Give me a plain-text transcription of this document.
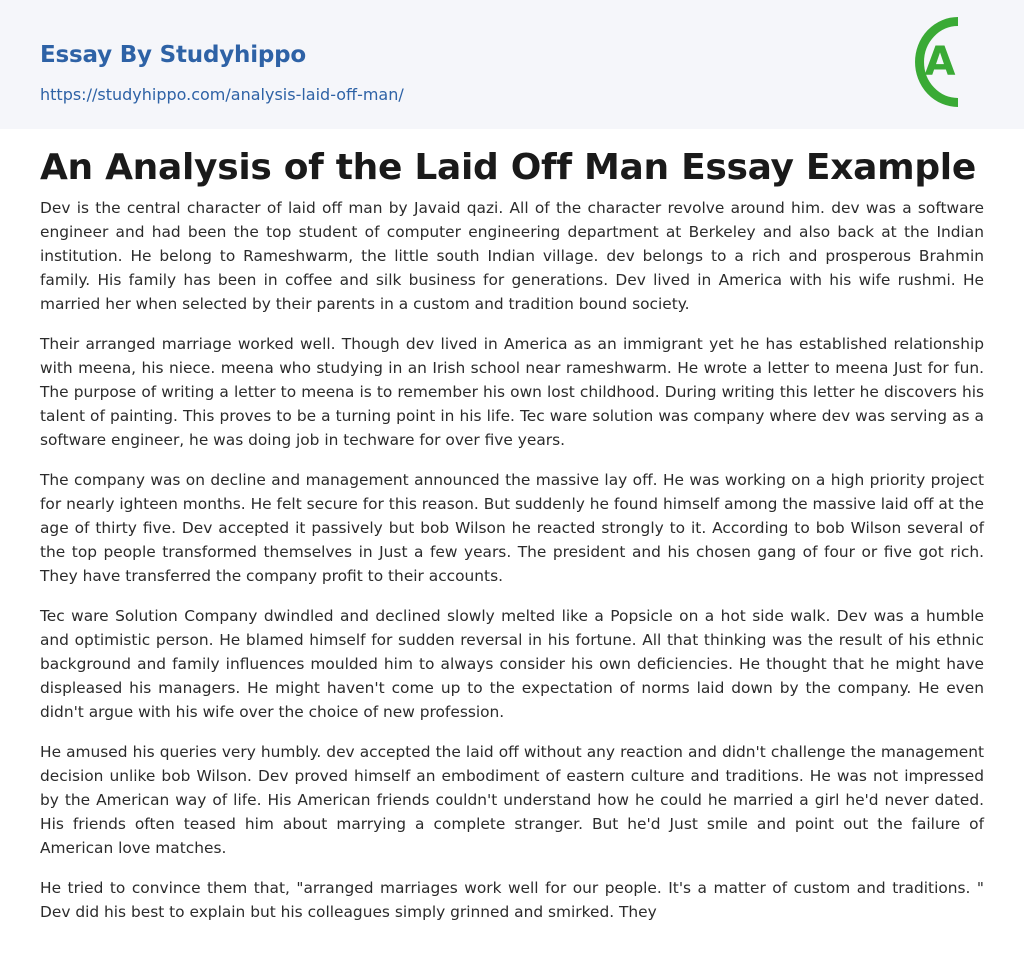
Essay By Studyhippo
https://studyhippo.com/analysis-laid-off-man/
A
An Analysis of the Laid Off Man Essay Example

Dev is the central character of laid off man by Javaid qazi. All of the character revolve around him. dev was a software engineer and had been the top student of computer engineering department at Berkeley and also back at the Indian institution. He belong to Rameshwarm, the little south Indian village. dev belongs to a rich and prosperous Brahmin family. His family has been in coffee and silk business for generations. Dev lived in America with his wife rushmi. He married her when selected by their parents in a custom and tradition bound society.

Their arranged marriage worked well. Though dev lived in America as an immigrant yet he has established relationship with meena, his niece. meena who studying in an Irish school near rameshwarm. He wrote a letter to meena Just for fun. The purpose of writing a letter to meena is to remember his own lost childhood. During writing this letter he discovers his talent of painting. This proves to be a turning point in his life. Tec ware solution was company where dev was serving as a software engineer, he was doing job in techware for over five years.

The company was on decline and management announced the massive lay off. He was working on a high priority project for nearly ighteen months. He felt secure for this reason. But suddenly he found himself among the massive laid off at the age of thirty five. Dev accepted it passively but bob Wilson he reacted strongly to it. According to bob Wilson several of the top people transformed themselves in Just a few years. The president and his chosen gang of four or five got rich. They have transferred the company profit to their accounts.

Tec ware Solution Company dwindled and declined slowly melted like a Popsicle on a hot side walk. Dev was a humble and optimistic person. He blamed himself for sudden reversal in his fortune. All that thinking was the result of his ethnic background and family influences moulded him to always consider his own deficiencies. He thought that he might have displeased his managers. He might haven't come up to the expectation of norms laid down by the company. He even didn't argue with his wife over the choice of new profession.

He amused his queries very humbly. dev accepted the laid off without any reaction and didn't challenge the management decision unlike bob Wilson. Dev proved himself an embodiment of eastern culture and traditions. He was not impressed by the American way of life. His American friends couldn't understand how he could he married a girl he'd never dated. His friends often teased him about marrying a complete stranger. But he'd Just smile and point out the failure of American love matches.

He tried to convince them that, "arranged marriages work well for our people. It's a matter of custom and traditions. " Dev did his best to explain but his colleagues simply grinned and smirked. They
